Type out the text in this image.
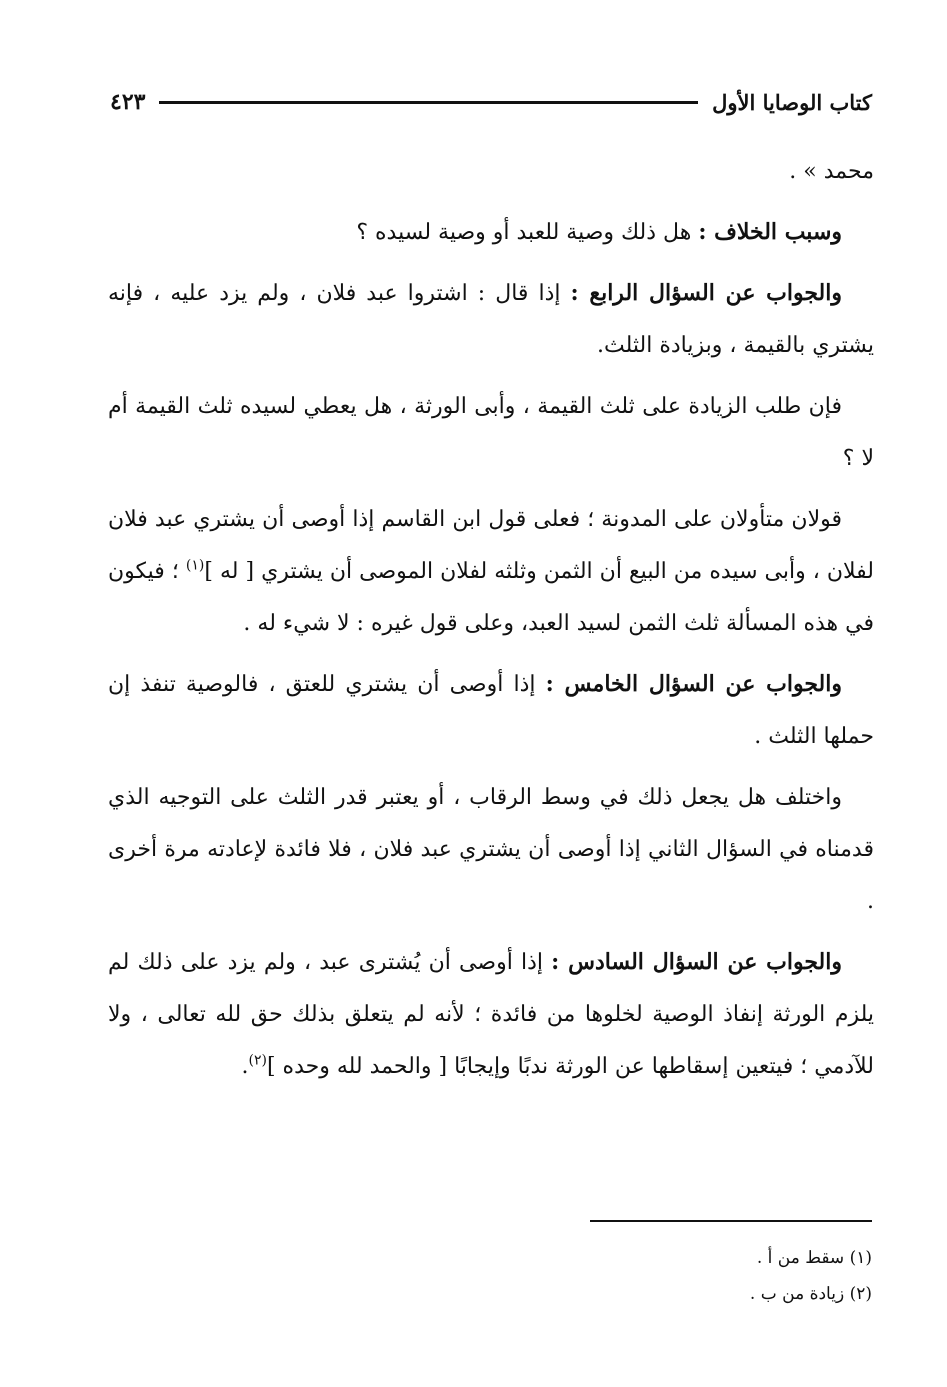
كتاب الوصايا الأول
٤٢٣

محمد » .

وسبب الخلاف : هل ذلك وصية للعبد أو وصية لسيده ؟

والجواب عن السؤال الرابع : إذا قال : اشتروا عبد فلان ، ولم يزد عليه ، فإنه يشتري بالقيمة ، وبزيادة الثلث.

فإن طلب الزيادة على ثلث القيمة ، وأبى الورثة ، هل يعطي لسيده ثلث القيمة أم لا ؟

قولان متأولان على المدونة ؛ فعلى قول ابن القاسم إذا أوصى أن يشتري عبد فلان لفلان ، وأبى سيده من البيع أن الثمن وثلثه لفلان الموصى أن يشتري [ له ]$^{(١)}$ ؛ فيكون في هذه المسألة ثلث الثمن لسيد العبد، وعلى قول غيره : لا شيء له .

والجواب عن السؤال الخامس : إذا أوصى أن يشتري للعتق ، فالوصية تنفذ إن حملها الثلث .

واختلف هل يجعل ذلك في وسط الرقاب ، أو يعتبر قدر الثلث على التوجيه الذي قدمناه في السؤال الثاني إذا أوصى أن يشتري عبد فلان ، فلا فائدة لإعادته مرة أخرى .

والجواب عن السؤال السادس : إذا أوصى أن يُشترى عبد ، ولم يزد على ذلك لم يلزم الورثة إنفاذ الوصية لخلوها من فائدة ؛ لأنه لم يتعلق بذلك حق لله تعالى ، ولا للآدمي ؛ فيتعين إسقاطها عن الورثة ندبًا وإيجابًا [ والحمد لله وحده ]$^{(٢)}$.

(١) سقط من أ .
(٢) زيادة من ب .
